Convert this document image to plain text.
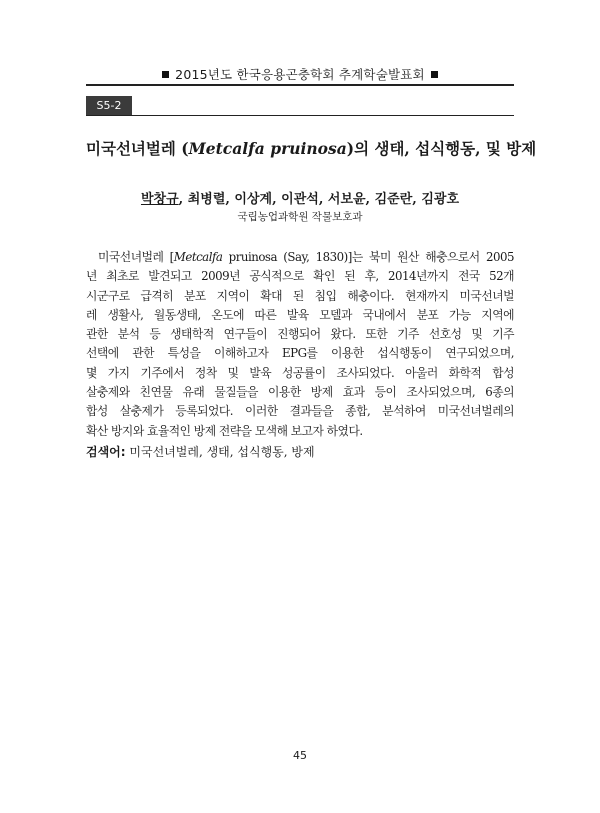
2015년도 한국응용곤충학회 추계학술발표회
S5-2
미국선녀벌레 (Metcalfa pruinosa)의 생태, 섭식행동, 및 방제
박창규, 최병렬, 이상계, 이관석, 서보윤, 김준란, 김광호
국립농업과학원 작물보호과
미국선녀벌레 [Metcalfa pruinosa (Say, 1830)]는 북미 원산 해충으로서 2005
년 최초로 발견되고 2009년 공식적으로 확인 된 후, 2014년까지 전국 52개
시군구로 급격히 분포 지역이 확대 된 침입 해충이다. 현재까지 미국선녀벌
레 생활사, 월동생태, 온도에 따른 발육 모델과 국내에서 분포 가능 지역에
관한 분석 등 생태학적 연구들이 진행되어 왔다. 또한 기주 선호성 및 기주
선택에 관한 특성을 이해하고자 EPG를 이용한 섭식행동이 연구되었으며,
몇 가지 기주에서 정착 및 발육 성공률이 조사되었다. 아울러 화학적 합성
살충제와 친연물 유래 물질들을 이용한 방제 효과 등이 조사되었으며, 6종의
합성 살충제가 등록되었다. 이러한 결과들을 종합, 분석하여 미국선녀벌레의
확산 방지와 효율적인 방제 전략을 모색해 보고자 하였다.
검색어: 미국선녀벌레, 생태, 섭식행동, 방제
45
